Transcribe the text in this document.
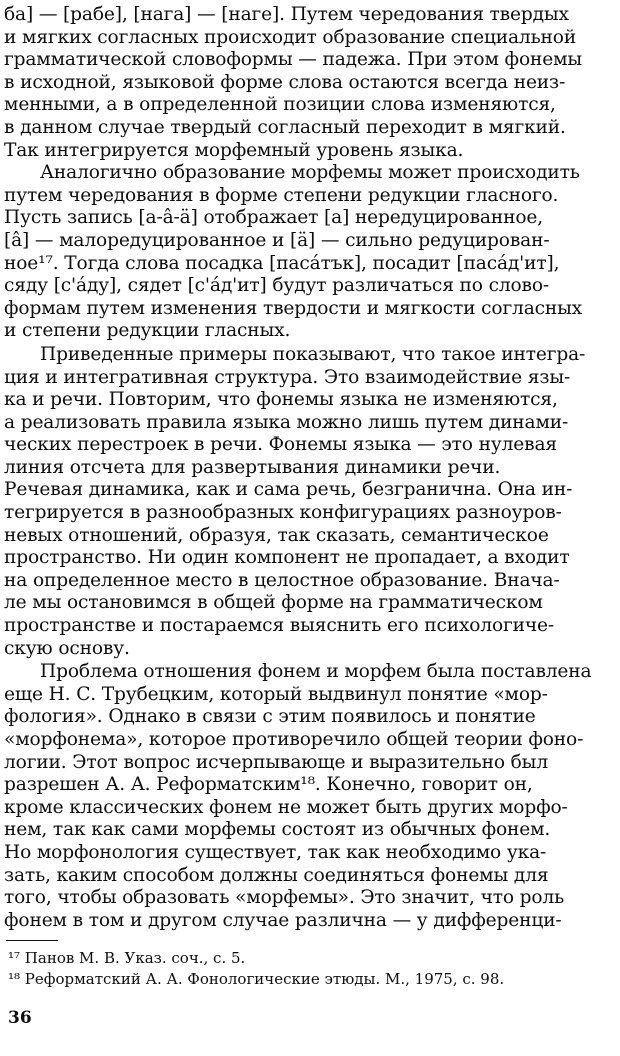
ба] — [рабе], [нага] — [наге]. Путем чередования твердых
и мягких согласных происходит образование специальной
грамматической словоформы — падежа. При этом фонемы
в исходной, языковой форме слова остаются всегда неиз-
менными, а в определенной позиции слова изменяются,
в данном случае твердый согласный переходит в мягкий.
Так интегрируется морфемный уровень языка.
Аналогично образование морфемы может происходить
путем чередования в форме степени редукции гласного.
Пусть запись [а-а̂-ä] отображает [а] нередуцированное,
[а̂] — малоредуцированное и [ä] — сильно редуцирован-
ное¹⁷. Тогда слова посадка [паса́тък], посадит [паса́д'ит],
сяду [с'а́ду], сядет [с'а́д'ит] будут различаться по слово-
формам путем изменения твердости и мягкости согласных
и степени редукции гласных.
Приведенные примеры показывают, что такое интегра-
ция и интегративная структура. Это взаимодействие язы-
ка и речи. Повторим, что фонемы языка не изменяются,
а реализовать правила языка можно лишь путем динами-
ческих перестроек в речи. Фонемы языка — это нулевая
линия отсчета для развертывания динамики речи.
Речевая динамика, как и сама речь, безгранична. Она ин-
тегрируется в разнообразных конфигурациях разноуров-
невых отношений, образуя, так сказать, семантическое
пространство. Ни один компонент не пропадает, а входит
на определенное место в целостное образование. Внача-
ле мы остановимся в общей форме на грамматическом
пространстве и постараемся выяснить его психологиче-
скую основу.
Проблема отношения фонем и морфем была поставлена
еще Н. С. Трубецким, который выдвинул понятие «мор-
фология». Однако в связи с этим появилось и понятие
«морфонема», которое противоречило общей теории фоно-
логии. Этот вопрос исчерпывающе и выразительно был
разрешен А. А. Реформатским¹⁸. Конечно, говорит он,
кроме классических фонем не может быть других морфо-
нем, так как сами морфемы состоят из обычных фонем.
Но морфонология существует, так как необходимо ука-
зать, каким способом должны соединяться фонемы для
того, чтобы образовать «морфемы». Это значит, что роль
фонем в том и другом случае различна — у дифференци-
¹⁷ Панов М. В. Указ. соч., с. 5.
¹⁸ Реформатский А. А. Фонологические этюды. М., 1975, с. 98.
36
